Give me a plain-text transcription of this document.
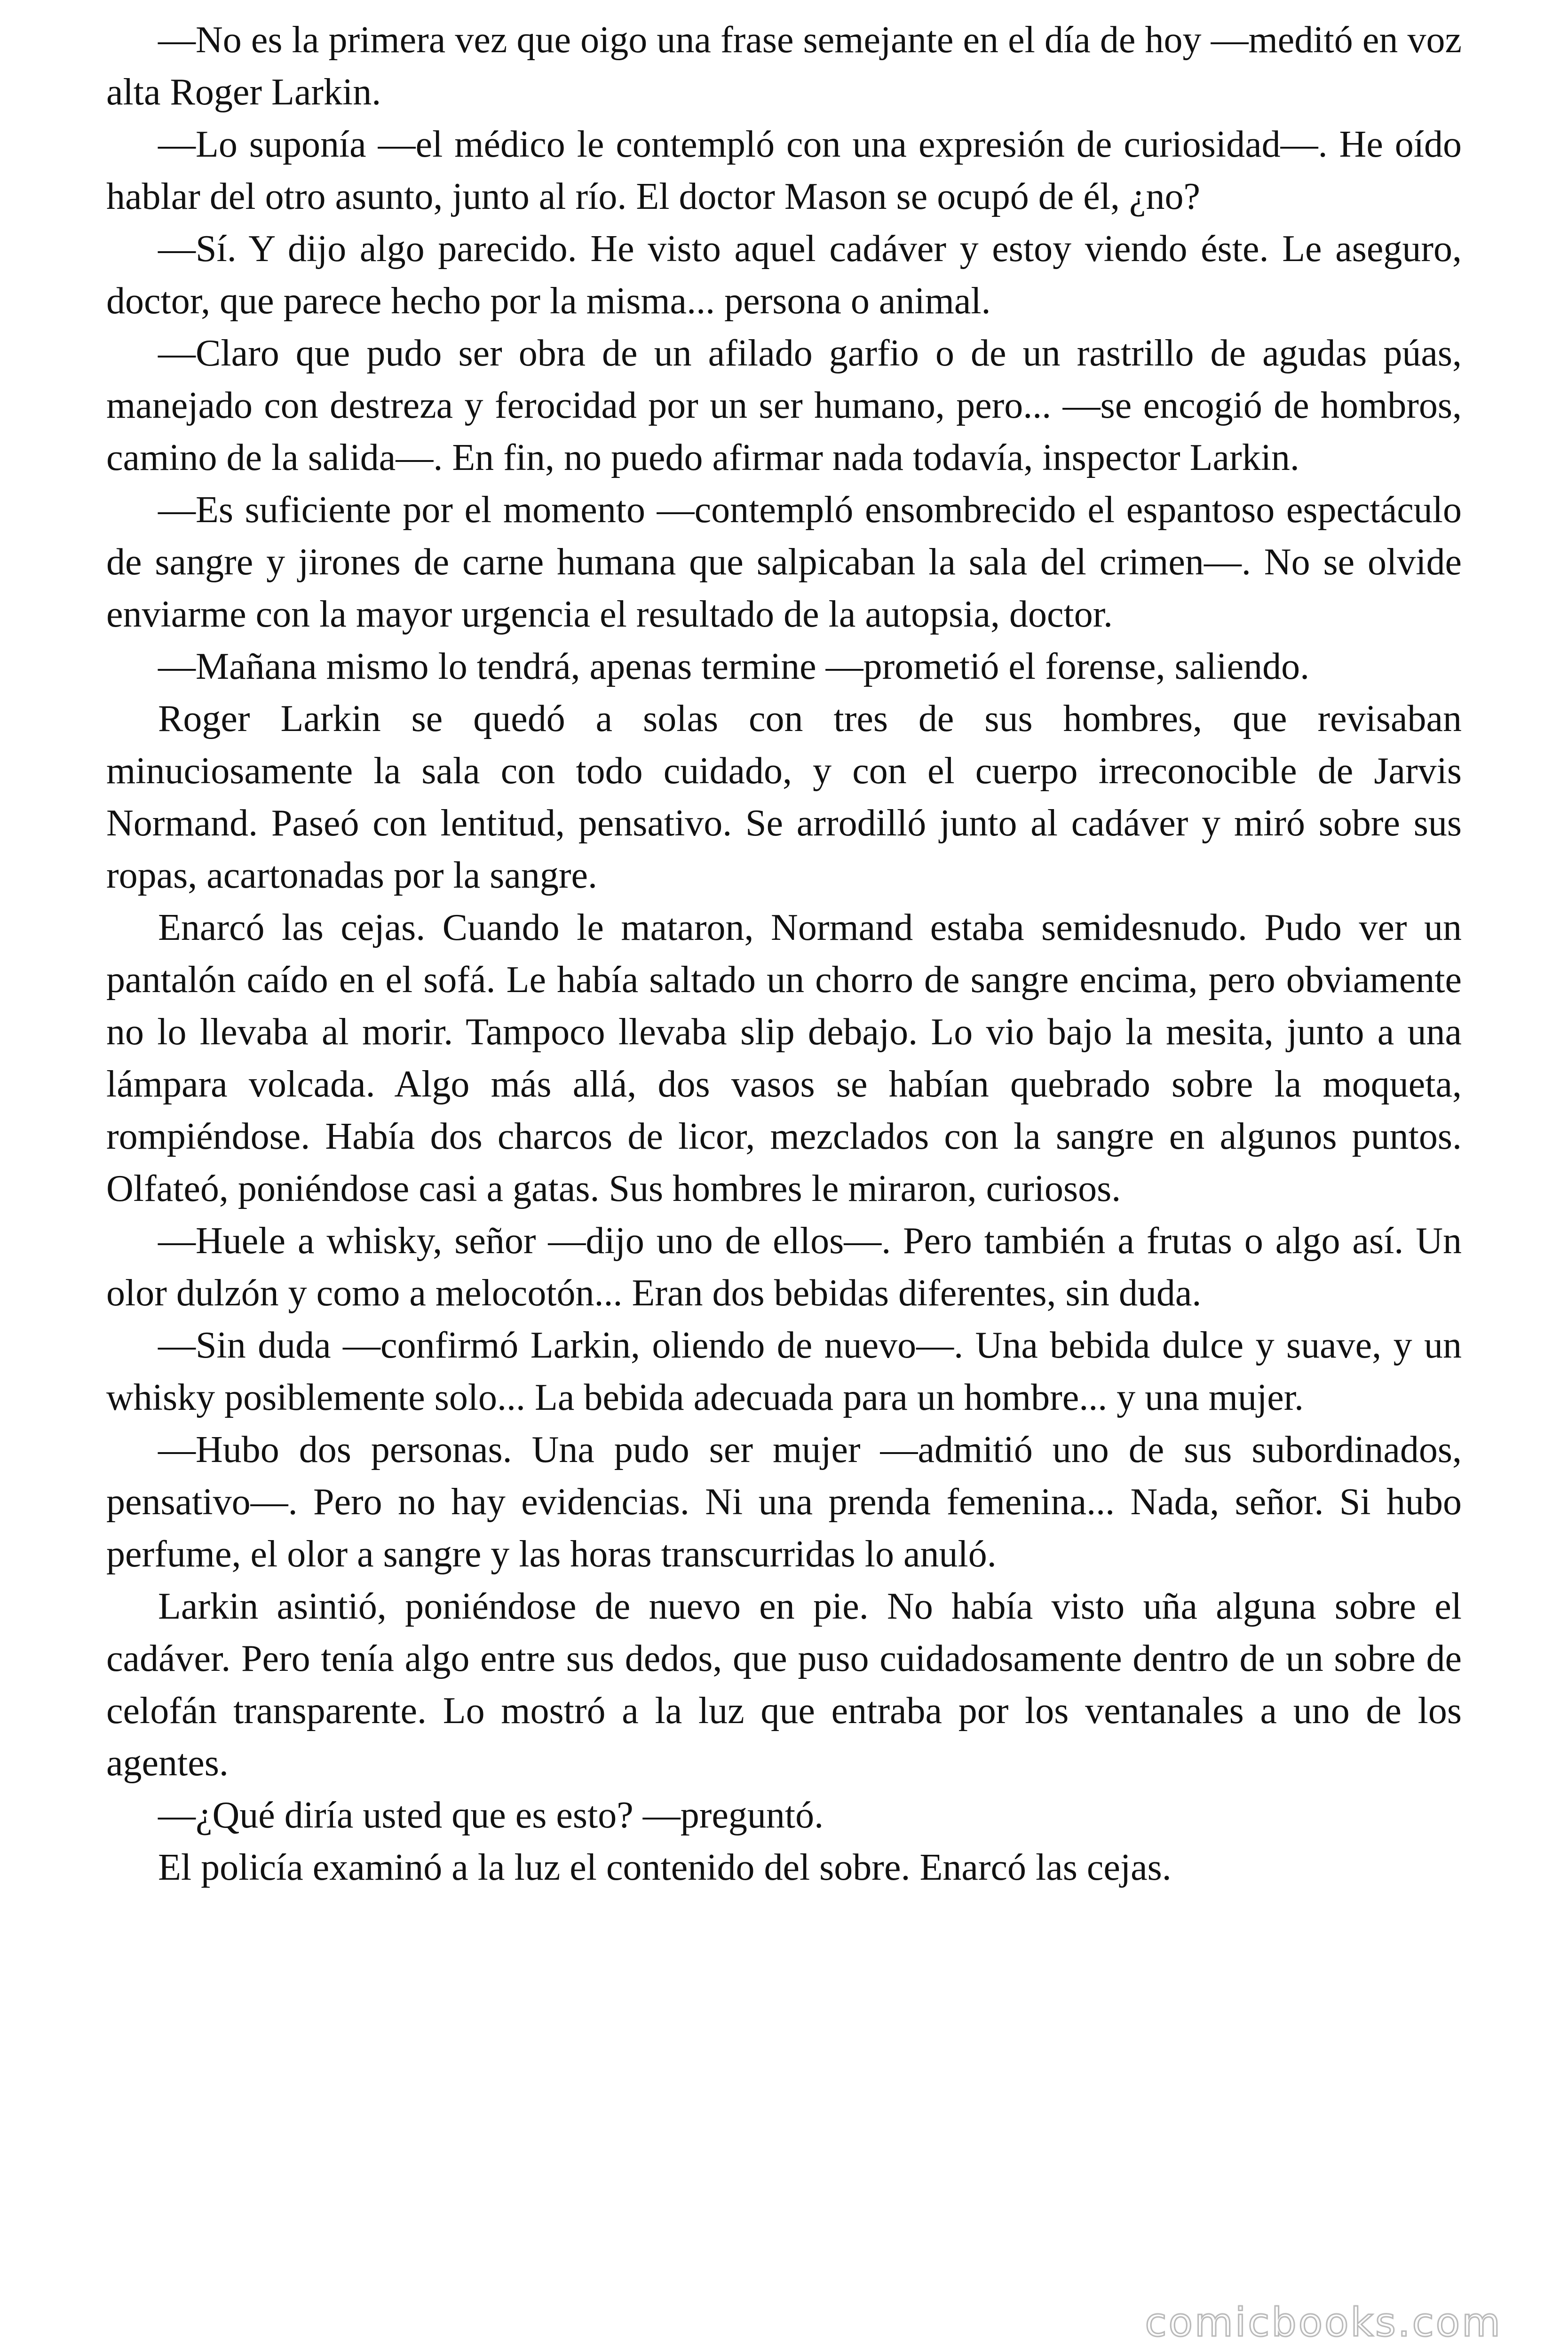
—No es la primera vez que oigo una frase semejante en el día de hoy —meditó en voz alta Roger Larkin.

—Lo suponía —el médico le contempló con una expresión de curiosidad—. He oído hablar del otro asunto, junto al río. El doctor Mason se ocupó de él, ¿no?

—Sí. Y dijo algo parecido. He visto aquel cadáver y estoy viendo éste. Le aseguro, doctor, que parece hecho por la misma... persona o animal.

—Claro que pudo ser obra de un afilado garfio o de un rastrillo de agudas púas, manejado con destreza y ferocidad por un ser humano, pero... —se encogió de hombros, camino de la salida—. En fin, no puedo afirmar nada todavía, inspector Larkin.

—Es suficiente por el momento —contempló ensombrecido el espantoso espectáculo de sangre y jirones de carne humana que salpicaban la sala del crimen—. No se olvide enviarme con la mayor urgencia el resultado de la autopsia, doctor.

—Mañana mismo lo tendrá, apenas termine —prometió el forense, saliendo.

Roger Larkin se quedó a solas con tres de sus hombres, que revisaban minuciosamente la sala con todo cuidado, y con el cuerpo irreconocible de Jarvis Normand. Paseó con lentitud, pensativo. Se arrodilló junto al cadáver y miró sobre sus ropas, acartonadas por la sangre.

Enarcó las cejas. Cuando le mataron, Normand estaba semidesnudo. Pudo ver un pantalón caído en el sofá. Le había saltado un chorro de sangre encima, pero obviamente no lo llevaba al morir. Tampoco llevaba slip debajo. Lo vio bajo la mesita, junto a una lámpara volcada. Algo más allá, dos vasos se habían quebrado sobre la moqueta, rompiéndose. Había dos charcos de licor, mezclados con la sangre en algunos puntos. Olfateó, poniéndose casi a gatas. Sus hombres le miraron, curiosos.

—Huele a whisky, señor —dijo uno de ellos—. Pero también a frutas o algo así. Un olor dulzón y como a melocotón... Eran dos bebidas diferentes, sin duda.

—Sin duda —confirmó Larkin, oliendo de nuevo—. Una bebida dulce y suave, y un whisky posiblemente solo... La bebida adecuada para un hombre... y una mujer.

—Hubo dos personas. Una pudo ser mujer —admitió uno de sus subordinados, pensativo—. Pero no hay evidencias. Ni una prenda femenina... Nada, señor. Si hubo perfume, el olor a sangre y las horas transcurridas lo anuló.

Larkin asintió, poniéndose de nuevo en pie. No había visto uña alguna sobre el cadáver. Pero tenía algo entre sus dedos, que puso cuidadosamente dentro de un sobre de celofán transparente. Lo mostró a la luz que entraba por los ventanales a uno de los agentes.

—¿Qué diría usted que es esto? —preguntó.

El policía examinó a la luz el contenido del sobre. Enarcó las cejas.

comicbooks.com
